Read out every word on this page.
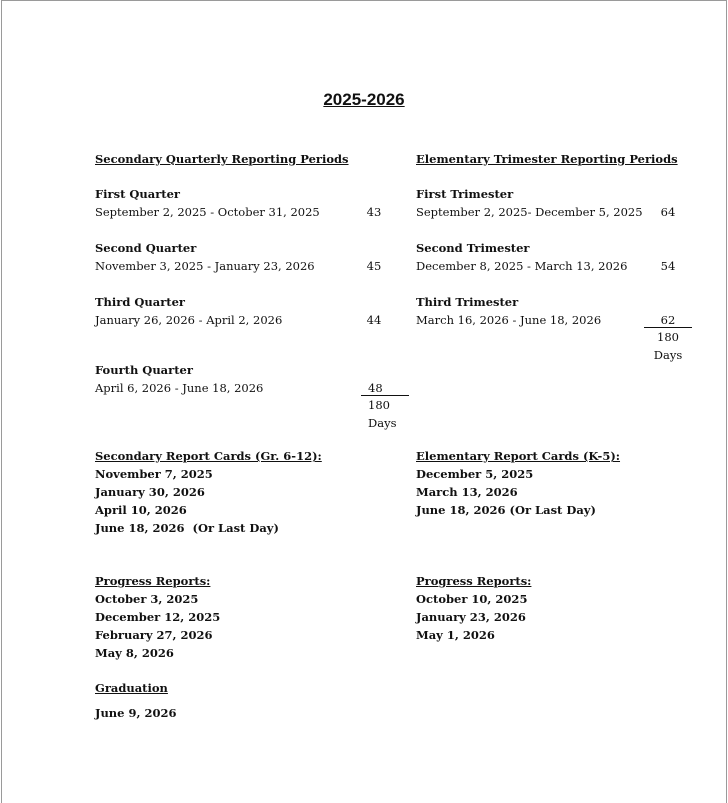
2025-2026
Secondary Quarterly Reporting Periods
First Quarter
September 2, 2025 - October 31, 2025	43
Second Quarter
November 3, 2025 - January 23, 2026	45
Third Quarter
January 26, 2026 - April 2, 2026	44
Fourth Quarter
April 6, 2026 - June 18, 2026	48
180
Days
Elementary Trimester Reporting Periods
First Trimester
September 2, 2025- December 5, 2025	64
Second Trimester
December 8, 2025 - March 13, 2026	54
Third Trimester
March 16, 2026 - June 18, 2026	62
180
Days
Secondary Report Cards (Gr. 6-12):
November 7, 2025
January 30, 2026
April 10, 2026
June 18, 2026  (Or Last Day)
Elementary Report Cards (K-5):
December 5, 2025
March 13, 2026
June 18, 2026 (Or Last Day)
Progress Reports:
October 3, 2025
December 12, 2025
February 27, 2026
May 8, 2026
Progress Reports:
October 10, 2025
January 23, 2026
May 1, 2026
Graduation
June 9, 2026
